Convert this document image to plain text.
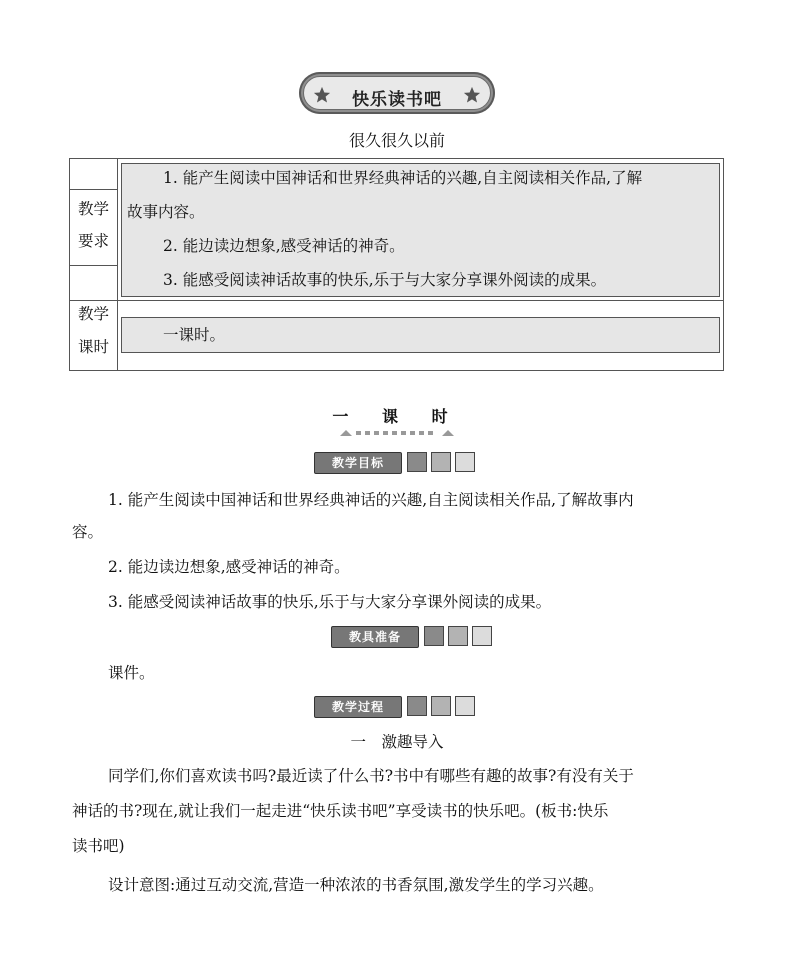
快乐读书吧
很久很久以前
教学
要求
1. 能产生阅读中国神话和世界经典神话的兴趣,自主阅读相关作品,了解
故事内容。
2. 能边读边想象,感受神话的神奇。
3. 能感受阅读神话故事的快乐,乐于与大家分享课外阅读的成果。
教学
课时
一课时。
一 课 时
教学目标
1. 能产生阅读中国神话和世界经典神话的兴趣,自主阅读相关作品,了解故事内
容。
2. 能边读边想象,感受神话的神奇。
3. 能感受阅读神话故事的快乐,乐于与大家分享课外阅读的成果。
教具准备
课件。
教学过程
一　激趣导入
同学们,你们喜欢读书吗?最近读了什么书?书中有哪些有趣的故事?有没有关于
神话的书?现在,就让我们一起走进“快乐读书吧”享受读书的快乐吧。(板书:快乐
读书吧)
设计意图:通过互动交流,营造一种浓浓的书香氛围,激发学生的学习兴趣。
